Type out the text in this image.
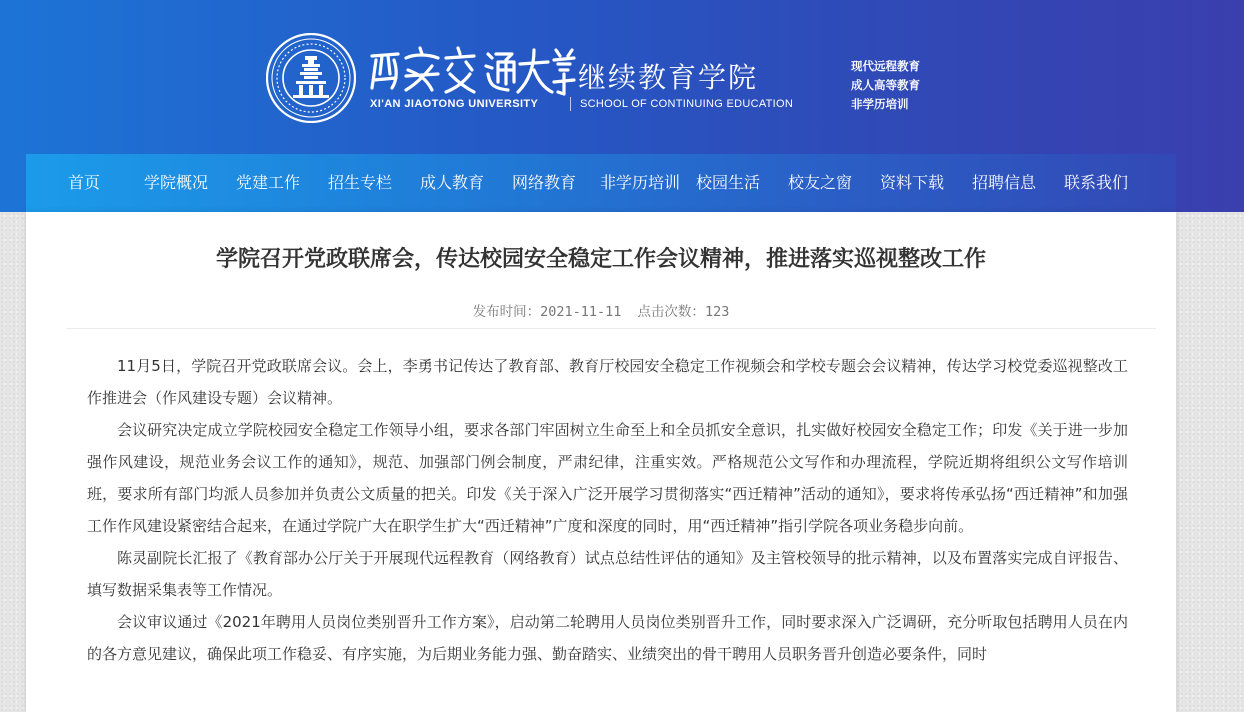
继续教育学院
XI'AN JIAOTONG UNIVERSITY	SCHOOL OF CONTINUING EDUCATION
现代远程教育
成人高等教育
非学历培训
首页	学院概况	党建工作	招生专栏	成人教育	网络教育	非学历培训 校园生活	校友之窗	资料下载	招聘信息	联系我们
学院召开党政联席会，传达校园安全稳定工作会议精神，推进落实巡视整改工作
发布时间：2021-11-11 点击次数：123

11月5日，学院召开党政联席会议。会上，李勇书记传达了教育部、教育厅校园安全稳定工作视频会和学校专题会会议精神，传达学习校党委巡视整改工作推进会（作风建设专题）会议精神。

会议研究决定成立学院校园安全稳定工作领导小组，要求各部门牢固树立生命至上和全员抓安全意识，扎实做好校园安全稳定工作；印发《关于进一步加强作风建设，规范业务会议工作的通知》，规范、加强部门例会制度，严肃纪律，注重实效。严格规范公文写作和办理流程，学院近期将组织公文写作培训班，要求所有部门均派人员参加并负责公文质量的把关。印发《关于深入广泛开展学习贯彻落实“西迁精神”活动的通知》，要求将传承弘扬“西迁精神”和加强工作作风建设紧密结合起来，在通过学院广大在职学生扩大“西迁精神”广度和深度的同时，用“西迁精神”指引学院各项业务稳步向前。

陈灵副院长汇报了《教育部办公厅关于开展现代远程教育（网络教育）试点总结性评估的通知》及主管校领导的批示精神，以及布置落实完成自评报告、填写数据采集表等工作情况。

会议审议通过《2021年聘用人员岗位类别晋升工作方案》，启动第二轮聘用人员岗位类别晋升工作，同时要求深入广泛调研，充分听取包括聘用人员在内的各方意见建议，确保此项工作稳妥、有序实施，为后期业务能力强、勤奋踏实、业绩突出的骨干聘用人员职务晋升创造必要条件，同时
